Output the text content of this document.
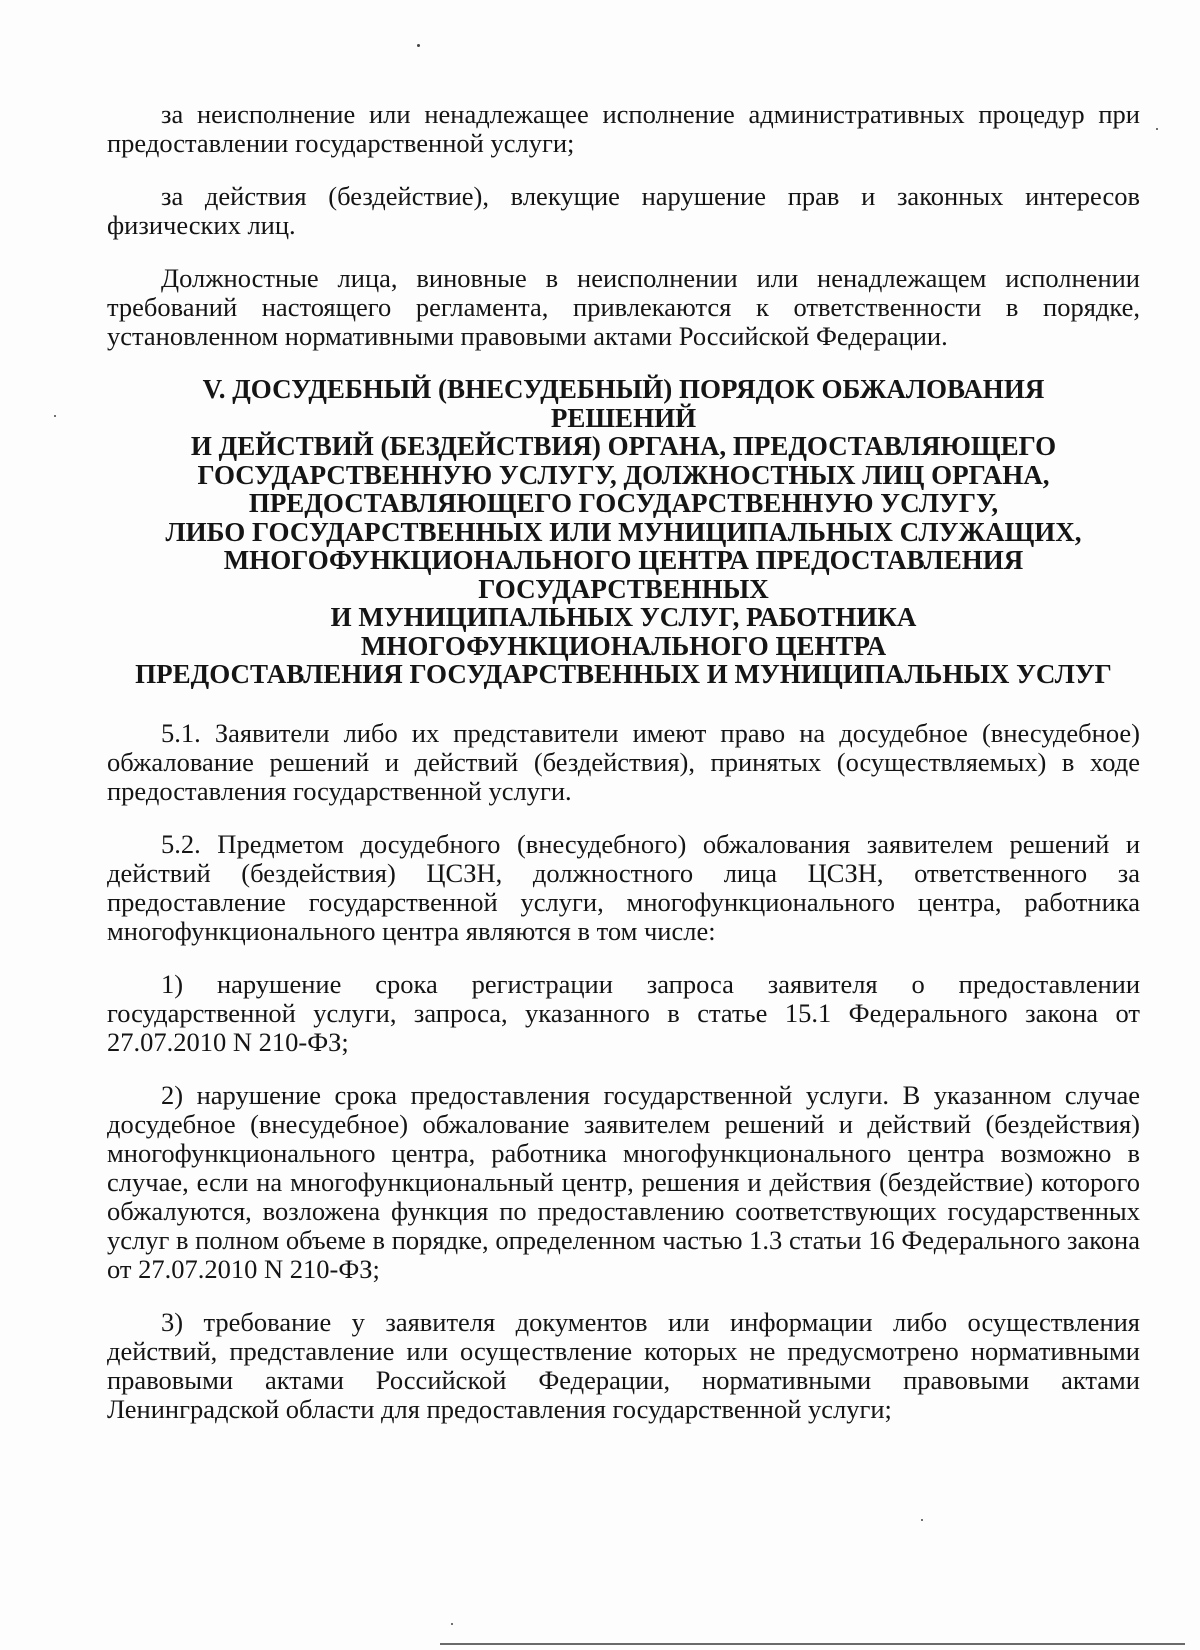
за неисполнение или ненадлежащее исполнение административных процедур при предоставлении государственной услуги;

за действия (бездействие), влекущие нарушение прав и законных интересов физических лиц.

Должностные лица, виновные в неисполнении или ненадлежащем исполнении требований настоящего регламента, привлекаются к ответственности в порядке, установленном нормативными правовыми актами Российской Федерации.

V. ДОСУДЕБНЫЙ (ВНЕСУДЕБНЫЙ) ПОРЯДОК ОБЖАЛОВАНИЯ
РЕШЕНИЙ
И ДЕЙСТВИЙ (БЕЗДЕЙСТВИЯ) ОРГАНА, ПРЕДОСТАВЛЯЮЩЕГО
ГОСУДАРСТВЕННУЮ УСЛУГУ, ДОЛЖНОСТНЫХ ЛИЦ ОРГАНА,
ПРЕДОСТАВЛЯЮЩЕГО ГОСУДАРСТВЕННУЮ УСЛУГУ,
ЛИБО ГОСУДАРСТВЕННЫХ ИЛИ МУНИЦИПАЛЬНЫХ СЛУЖАЩИХ,
МНОГОФУНКЦИОНАЛЬНОГО ЦЕНТРА ПРЕДОСТАВЛЕНИЯ
ГОСУДАРСТВЕННЫХ
И МУНИЦИПАЛЬНЫХ УСЛУГ, РАБОТНИКА
МНОГОФУНКЦИОНАЛЬНОГО ЦЕНТРА
ПРЕДОСТАВЛЕНИЯ ГОСУДАРСТВЕННЫХ И МУНИЦИПАЛЬНЫХ УСЛУГ

5.1. Заявители либо их представители имеют право на досудебное (внесудебное) обжалование решений и действий (бездействия), принятых (осуществляемых) в ходе предоставления государственной услуги.

5.2. Предметом досудебного (внесудебного) обжалования заявителем решений и действий (бездействия) ЦСЗН, должностного лица ЦСЗН, ответственного за предоставление государственной услуги, многофункционального центра, работника многофункционального центра являются в том числе:

1) нарушение срока регистрации запроса заявителя о предоставлении государственной услуги, запроса, указанного в статье 15.1 Федерального закона от 27.07.2010 N 210-ФЗ;

2) нарушение срока предоставления государственной услуги. В указанном случае досудебное (внесудебное) обжалование заявителем решений и действий (бездействия) многофункционального центра, работника многофункционального центра возможно в случае, если на многофункциональный центр, решения и действия (бездействие) которого обжалуются, возложена функция по предоставлению соответствующих государственных услуг в полном объеме в порядке, определенном частью 1.3 статьи 16 Федерального закона от 27.07.2010 N 210-ФЗ;

3) требование у заявителя документов или информации либо осуществления действий, представление или осуществление которых не предусмотрено нормативными правовыми актами Российской Федерации, нормативными правовыми актами Ленинградской области для предоставления государственной услуги;
